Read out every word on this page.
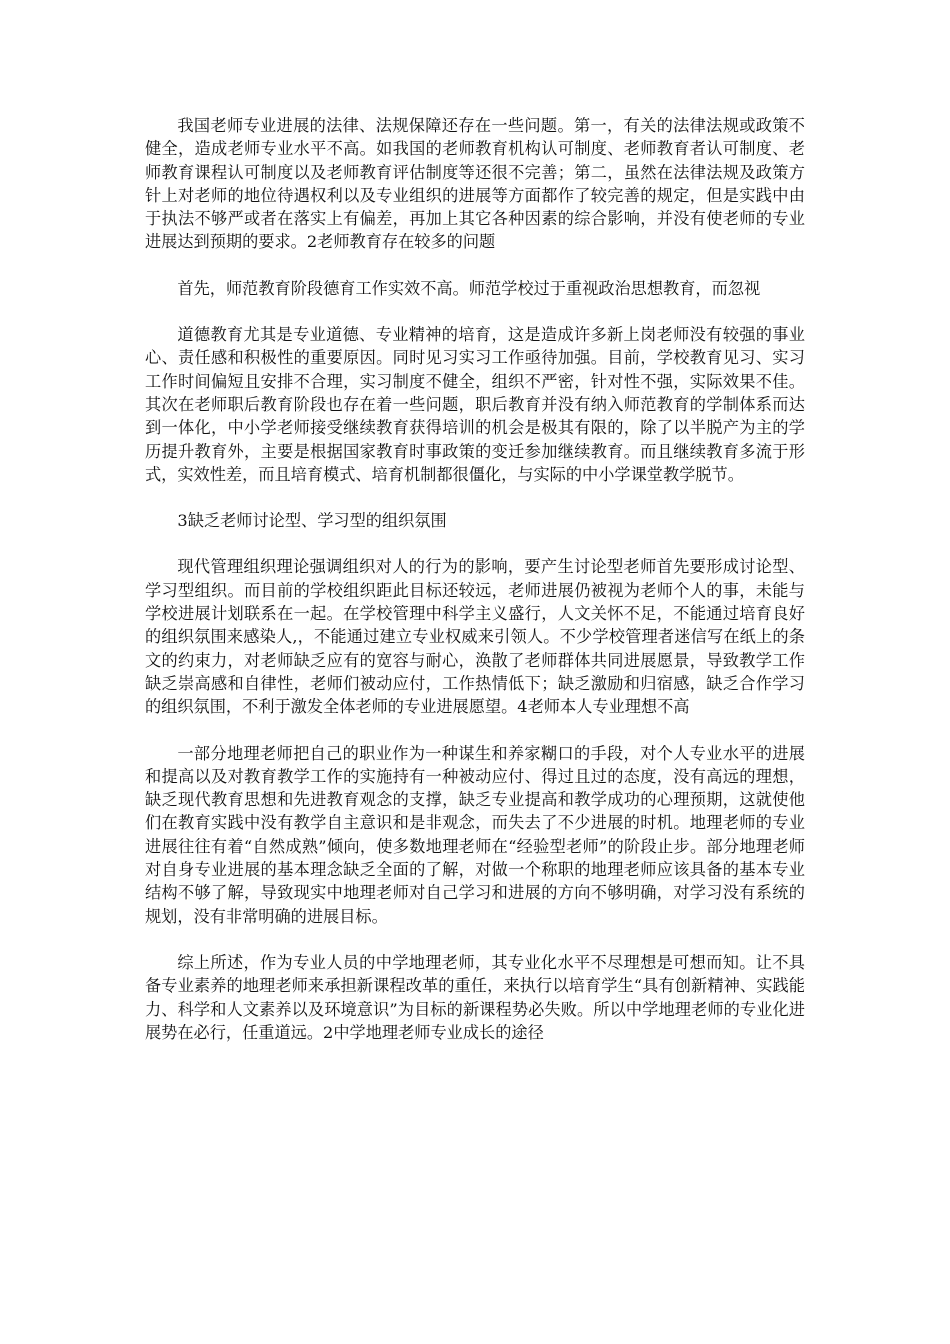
我国老师专业进展的法律、法规保障还存在一些问题。第一，有关的法律法规或政策不健全，造成老师专业水平不高。如我国的老师教育机构认可制度、老师教育者认可制度、老师教育课程认可制度以及老师教育评估制度等还很不完善；第二，虽然在法律法规及政策方针上对老师的地位待遇权利以及专业组织的进展等方面都作了较完善的规定，但是实践中由于执法不够严或者在落实上有偏差，再加上其它各种因素的综合影响，并没有使老师的专业进展达到预期的要求。2老师教育存在较多的问题

首先，师范教育阶段德育工作实效不高。师范学校过于重视政治思想教育，而忽视

道德教育尤其是专业道德、专业精神的培育，这是造成许多新上岗老师没有较强的事业心、责任感和积极性的重要原因。同时见习实习工作亟待加强。目前，学校教育见习、实习工作时间偏短且安排不合理，实习制度不健全，组织不严密，针对性不强，实际效果不佳。其次在老师职后教育阶段也存在着一些问题，职后教育并没有纳入师范教育的学制体系而达到一体化，中小学老师接受继续教育获得培训的机会是极其有限的，除了以半脱产为主的学历提升教育外，主要是根据国家教育时事政策的变迁参加继续教育。而且继续教育多流于形式，实效性差，而且培育模式、培育机制都很僵化，与实际的中小学课堂教学脱节。

3缺乏老师讨论型、学习型的组织氛围

现代管理组织理论强调组织对人的行为的影响，要产生讨论型老师首先要形成讨论型、学习型组织。而目前的学校组织距此目标还较远，老师进展仍被视为老师个人的事，未能与学校进展计划联系在一起。在学校管理中科学主义盛行，人文关怀不足，不能通过培育良好的组织氛围来感染人,，不能通过建立专业权威来引领人。不少学校管理者迷信写在纸上的条文的约束力，对老师缺乏应有的宽容与耐心，涣散了老师群体共同进展愿景，导致教学工作缺乏崇高感和自律性，老师们被动应付，工作热情低下；缺乏激励和归宿感，缺乏合作学习的组织氛围，不利于激发全体老师的专业进展愿望。4老师本人专业理想不高

一部分地理老师把自己的职业作为一种谋生和养家糊口的手段，对个人专业水平的进展和提高以及对教育教学工作的实施持有一种被动应付、得过且过的态度，没有高远的理想，缺乏现代教育思想和先进教育观念的支撑，缺乏专业提高和教学成功的心理预期，这就使他们在教育实践中没有教学自主意识和是非观念，而失去了不少进展的时机。地理老师的专业进展往往有着“自然成熟”倾向，使多数地理老师在“经验型老师”的阶段止步。部分地理老师对自身专业进展的基本理念缺乏全面的了解，对做一个称职的地理老师应该具备的基本专业结构不够了解，导致现实中地理老师对自己学习和进展的方向不够明确，对学习没有系统的规划，没有非常明确的进展目标。

综上所述，作为专业人员的中学地理老师，其专业化水平不尽理想是可想而知。让不具备专业素养的地理老师来承担新课程改革的重任，来执行以培育学生“具有创新精神、实践能力、科学和人文素养以及环境意识”为目标的新课程势必失败。所以中学地理老师的专业化进展势在必行，任重道远。2中学地理老师专业成长的途径
